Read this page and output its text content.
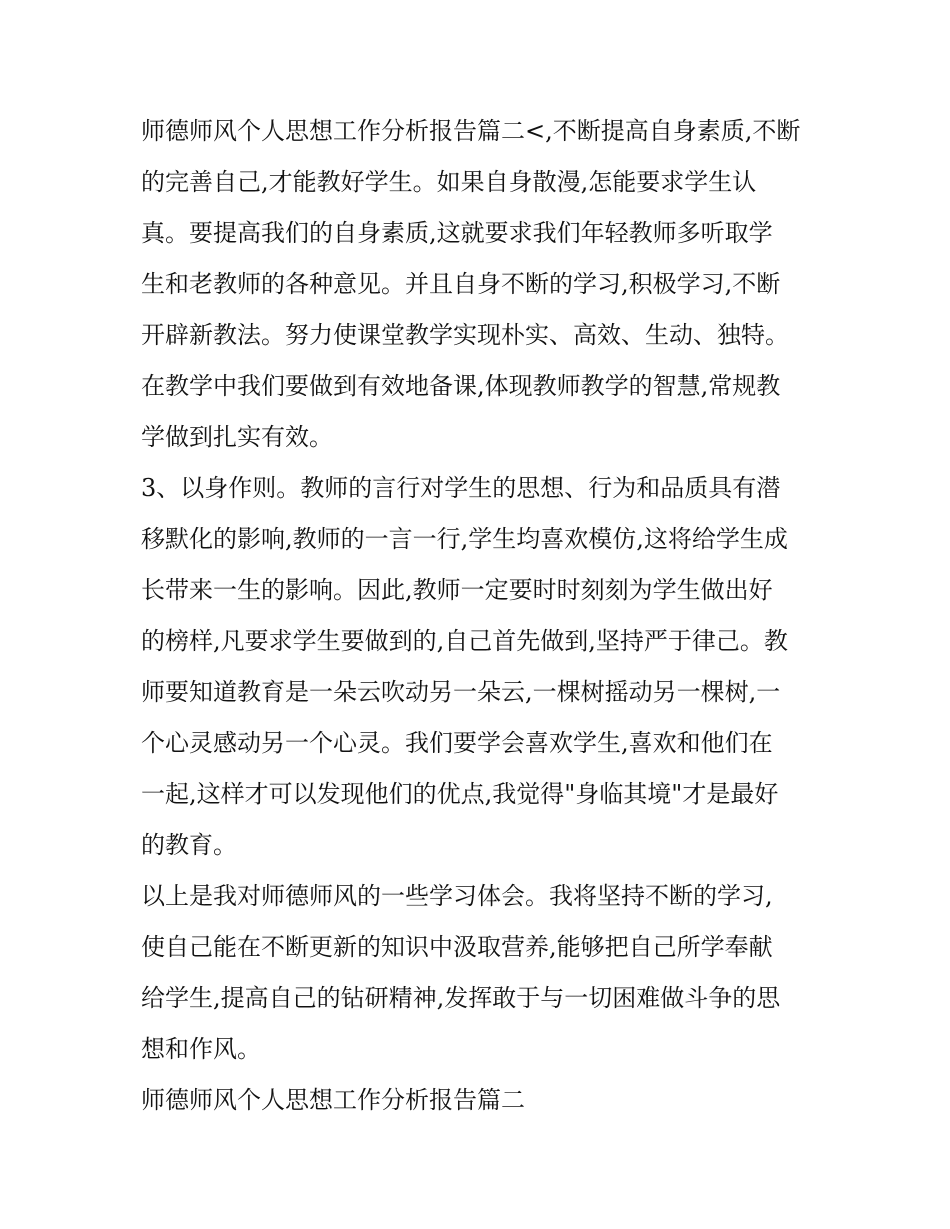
师德师风个人思想工作分析报告篇二<,不断提高自身素质,不断
的完善自己,才能教好学生。如果自身散漫,怎能要求学生认
真。要提高我们的自身素质,这就要求我们年轻教师多听取学
生和老教师的各种意见。并且自身不断的学习,积极学习,不断
开辟新教法。努力使课堂教学实现朴实、高效、生动、独特。
在教学中我们要做到有效地备课,体现教师教学的智慧,常规教
学做到扎实有效。
3、以身作则。教师的言行对学生的思想、行为和品质具有潜
移默化的影响,教师的一言一行,学生均喜欢模仿,这将给学生成
长带来一生的影响。因此,教师一定要时时刻刻为学生做出好
的榜样,凡要求学生要做到的,自己首先做到,坚持严于律己。教
师要知道教育是一朵云吹动另一朵云,一棵树摇动另一棵树,一
个心灵感动另一个心灵。我们要学会喜欢学生,喜欢和他们在
一起,这样才可以发现他们的优点,我觉得"身临其境"才是最好
的教育。
以上是我对师德师风的一些学习体会。我将坚持不断的学习,
使自己能在不断更新的知识中汲取营养,能够把自己所学奉献
给学生,提高自己的钻研精神,发挥敢于与一切困难做斗争的思
想和作风。
师德师风个人思想工作分析报告篇二
